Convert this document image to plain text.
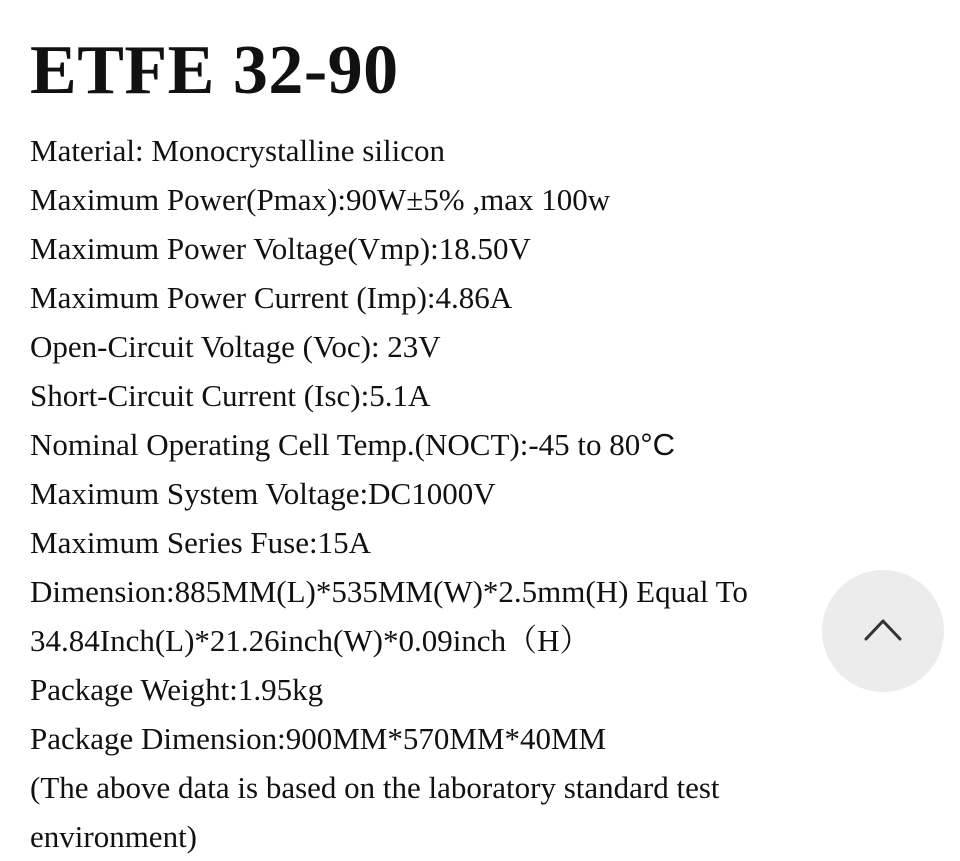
ETFE 32-90
Material: Monocrystalline silicon
Maximum Power(Pmax):90W±5% ,max 100w
Maximum Power Voltage(Vmp):18.50V
Maximum Power Current (Imp):4.86A
Open-Circuit Voltage (Voc): 23V
Short-Circuit Current (Isc):5.1A
Nominal Operating Cell Temp.(NOCT):-45 to 80°C
Maximum System Voltage:DC1000V
Maximum Series Fuse:15A
Dimension:885MM(L)*535MM(W)*2.5mm(H) Equal To
34.84Inch(L)*21.26inch(W)*0.09inch（H）
Package Weight:1.95kg
Package Dimension:900MM*570MM*40MM
(The above data is based on the laboratory standard test environment)
